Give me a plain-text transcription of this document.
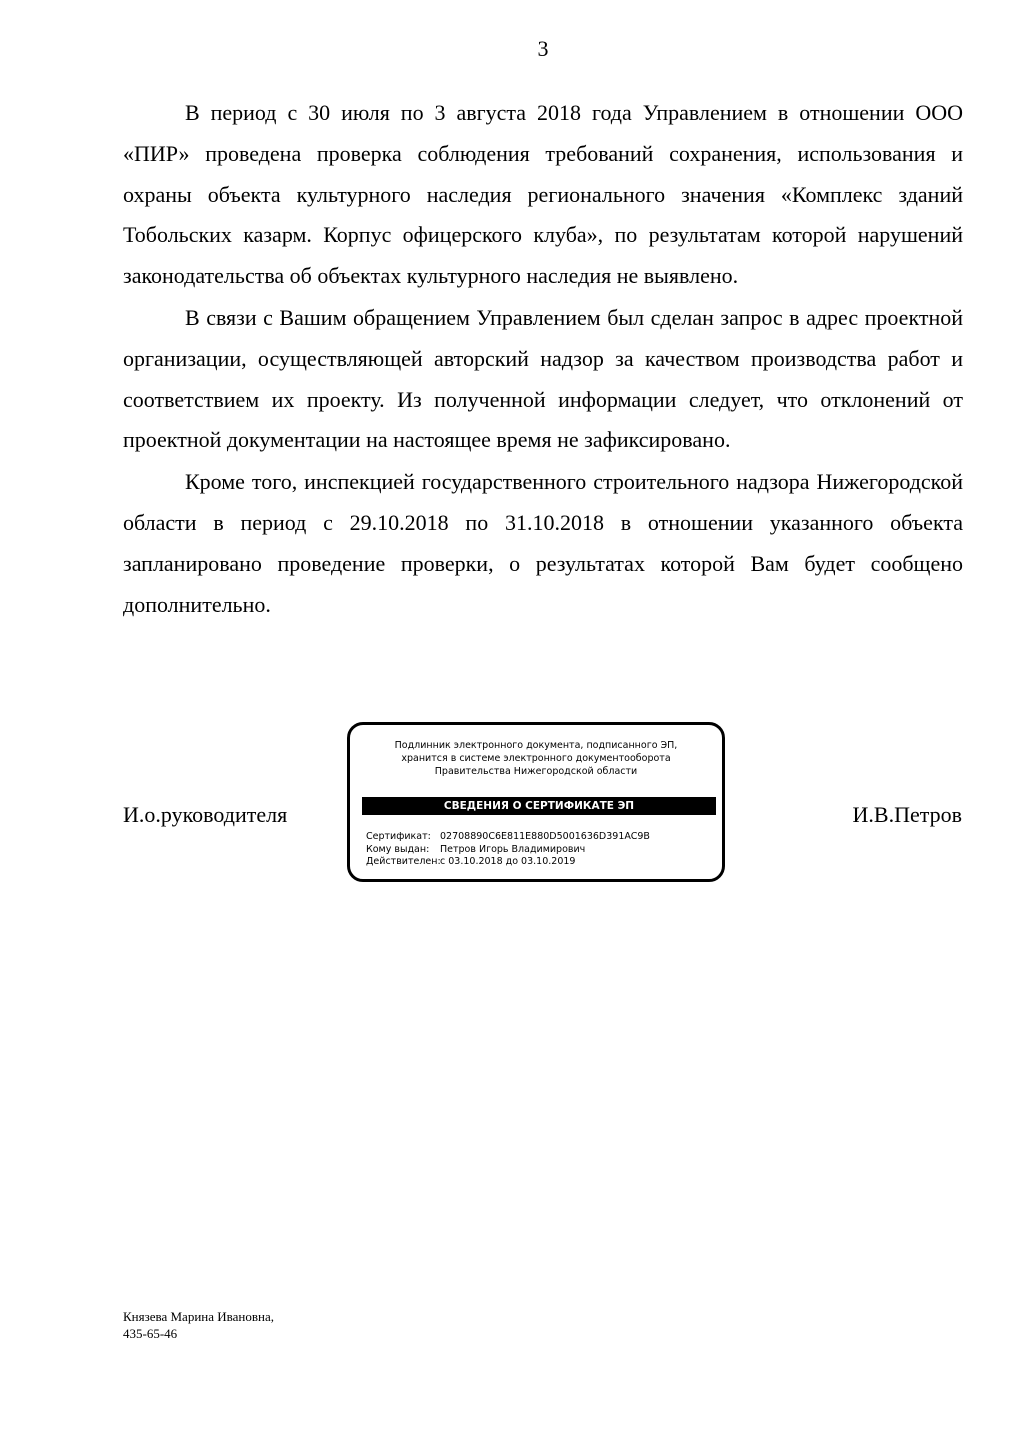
3

В период с 30 июля по 3 августа 2018 года Управлением в отношении ООО «ПИР» проведена проверка соблюдения требований сохранения, использования и охраны объекта культурного наследия регионального значения «Комплекс зданий Тобольских казарм. Корпус офицерского клуба», по результатам которой нарушений законодательства об объектах культурного наследия не выявлено.

В связи с Вашим обращением Управлением был сделан запрос в адрес проектной организации, осуществляющей авторский надзор за качеством производства работ и соответствием их проекту. Из полученной информации следует, что отклонений от проектной документации на настоящее время не зафиксировано.

Кроме того, инспекцией государственного строительного надзора Нижегородской области в период с 29.10.2018 по 31.10.2018 в отношении указанного объекта запланировано проведение проверки, о результатах которой Вам будет сообщено дополнительно.

И.о.руководителя
Подлинник электронного документа, подписанного ЭП,
хранится в системе электронного документооборота
Правительства Нижегородской области
СВЕДЕНИЯ О СЕРТИФИКАТЕ ЭП
Сертификат: 02708890C6E811E880D5001636D391AC9B
Кому выдан: Петров Игорь Владимирович
Действителен:с 03.10.2018 до 03.10.2019
И.В.Петров
Князева Марина Ивановна,
435-65-46
